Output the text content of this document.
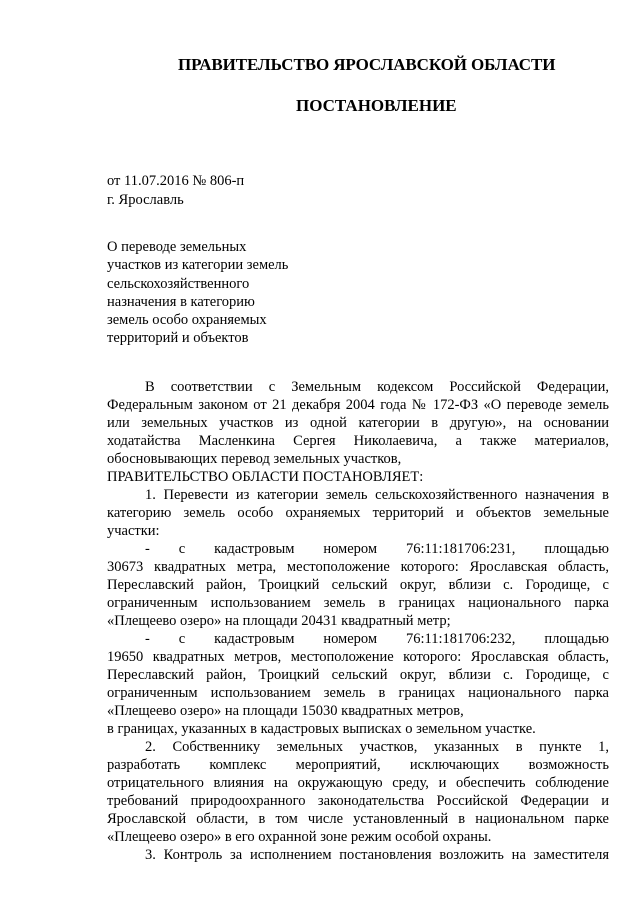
ПРАВИТЕЛЬСТВО ЯРОСЛАВСКОЙ ОБЛАСТИ
ПОСТАНОВЛЕНИЕ
от 11.07.2016 № 806-п
г. Ярославль
О переводе земельных
участков из категории земель
сельскохозяйственного
назначения в категорию
земель особо охраняемых
территорий и объектов

В соответствии с Земельным кодексом Российской Федерации,

Федеральным законом от 21 декабря 2004 года № 172-ФЗ «О переводе земель

или земельных участков из одной категории в другую», на основании

ходатайства Масленкина Сергея Николаевича, а также материалов,

обосновывающих перевод земельных участков,

ПРАВИТЕЛЬСТВО ОБЛАСТИ ПОСТАНОВЛЯЕТ:

1. Перевести из категории земель сельскохозяйственного назначения в

категорию земель особо охраняемых территорий и объектов земельные

участки:

- с кадастровым номером 76:11:181706:231, площадью

30673 квадратных метра, местоположение которого: Ярославская область,

Переславский район, Троицкий сельский округ, вблизи с. Городище, с

ограниченным использованием земель в границах национального парка

«Плещеево озеро» на площади 20431 квадратный метр;

- с кадастровым номером 76:11:181706:232, площадью

19650 квадратных метров, местоположение которого: Ярославская область,

Переславский район, Троицкий сельский округ, вблизи с. Городище, с

ограниченным использованием земель в границах национального парка

«Плещеево озеро» на площади 15030 квадратных метров,

в границах, указанных в кадастровых выписках о земельном участке.

2. Собственнику земельных участков, указанных в пункте 1,

разработать комплекс мероприятий, исключающих возможность

отрицательного влияния на окружающую среду, и обеспечить соблюдение

требований природоохранного законодательства Российской Федерации и

Ярославской области, в том числе установленный в национальном парке

«Плещеево озеро» в его охранной зоне режим особой охраны.

3. Контроль за исполнением постановления возложить на заместителя
